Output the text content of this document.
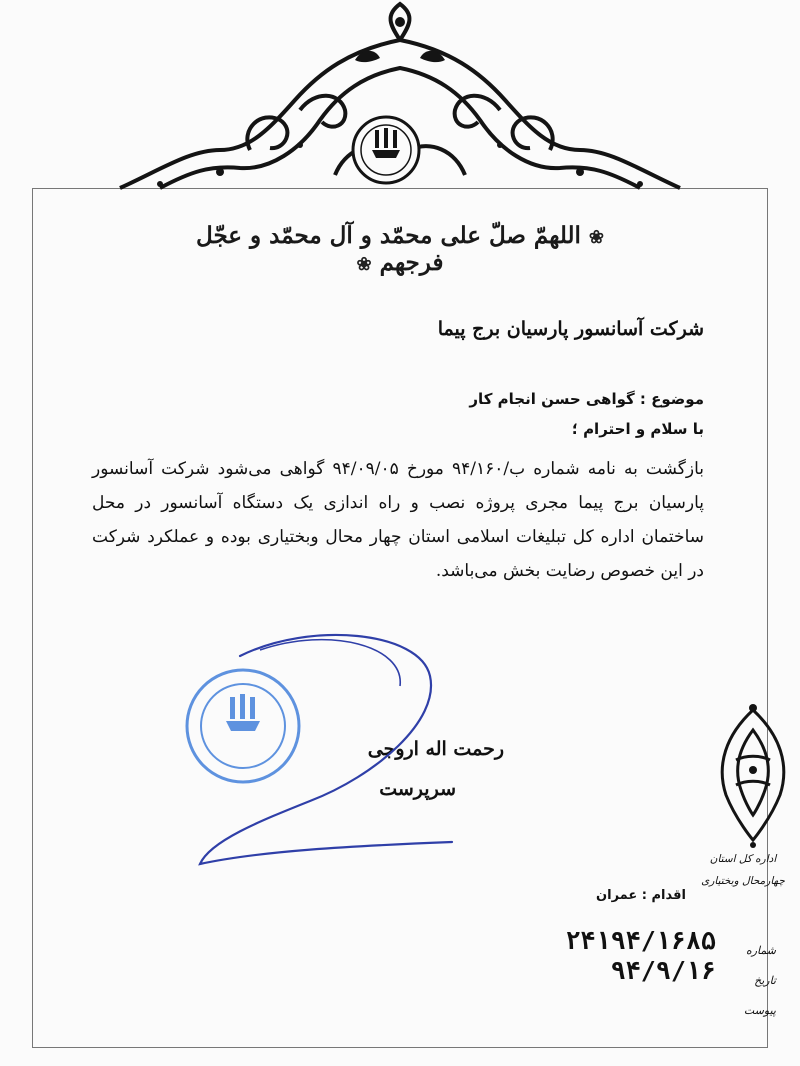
❀ اللهمّ صلّ علی محمّد و آل محمّد و عجّل فرجهم ❀
شرکت آسانسور پارسیان برج پیما
موضوع : گواهی حسن انجام کار
با سلام و احترام ؛
بازگشت به نامه شماره ب/۹۴/۱۶۰ مورخ ۹۴/۰۹/۰۵ گواهی می‌شود شرکت آسانسور پارسیان برج پیما مجری پروژه نصب و راه اندازی یک دستگاه آسانسور در محل ساختمان اداره کل تبلیغات اسلامی استان چهار محال وبختیاری بوده و عملکرد شرکت در این خصوص رضایت بخش می‌باشد.
رحمت اله اروجی
سرپرست
اداره کل استان
چهارمحال وبختیاری
اقدام : عمران
شماره
تاریخ
پیوست
۲۴۱۹۴/۱۶۸۵
۹۴/۹/۱۶
